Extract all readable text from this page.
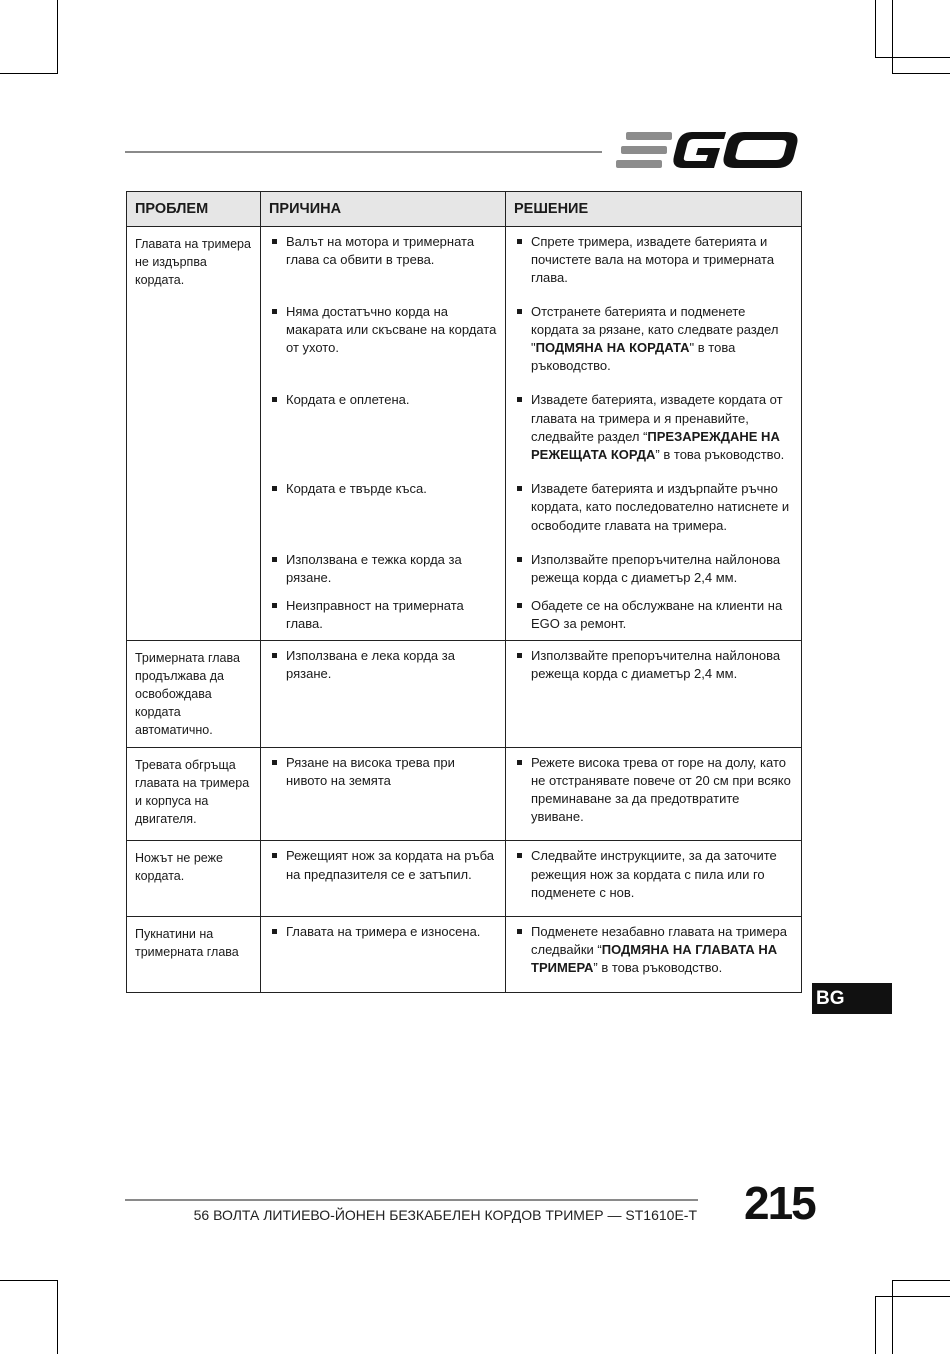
ПРОБЛЕМ	ПРИЧИНА	РЕШЕНИЕ
Главата на тримера не издърпва кордата.	Валът на мотора и тримерната глава са обвити в трева.	Спрете тримера, извадете батерията и почистете вала на мотора и тримерната глава.

	Няма достатъчно корда на макарата или скъсване на кордата от ухото.	Отстранете батерията и подменете кордата за рязане, като следвате раздел "ПОДМЯНА НА КОРДАТА" в това ръководство.

	Кордата е оплетена.	Извадете батерията, извадете кордата от главата на тримера и я пренавийте, следвайте раздел “ПРЕЗАРЕЖДАНЕ НА РЕЖЕЩАТА КОРДА” в това ръководство.

	Кордата е твърде къса.	Извадете батерията и издърпайте ръчно кордата, като последователно натиснете и освободите главата на тримера.

	Използвана е тежка корда за рязане.	Използвайте препоръчителна найлонова режеща корда с диаметър 2,4 мм.

	Неизправност на тримерната глава.	Обадете се на обслужване на клиенти на EGO за ремонт.

Тримерната глава продължава да освобождава кордата автоматично.	Използвана е лека корда за рязане.	Използвайте препоръчителна найлонова режеща корда с диаметър 2,4 мм.

Тревата обгръща главата на тримера и корпуса на двигателя.	Рязане на висока трева при нивото на земята	Режете висока трева от горе на долу, като не отстранявате повече от 20 см при всяко преминаване за да предотвратите увиване.

Ножът не реже кордата.	Режещият нож за кордата на ръба на предпазителя се е затъпил.	Следвайте инструкциите, за да заточите режещия нож за кордата с пила или го подменете с нов.

Пукнатини на тримерната глава	Главата на тримера е износена.	Подменете незабавно главата на тримера следвайки “ПОДМЯНА НА ГЛАВАТА НА ТРИМЕРА” в това ръководство.
BG
56 ВОЛТА ЛИТИЕВО-ЙОНЕН БЕЗКАБЕЛЕН КОРДОВ ТРИМЕР — ST1610E-T 215
